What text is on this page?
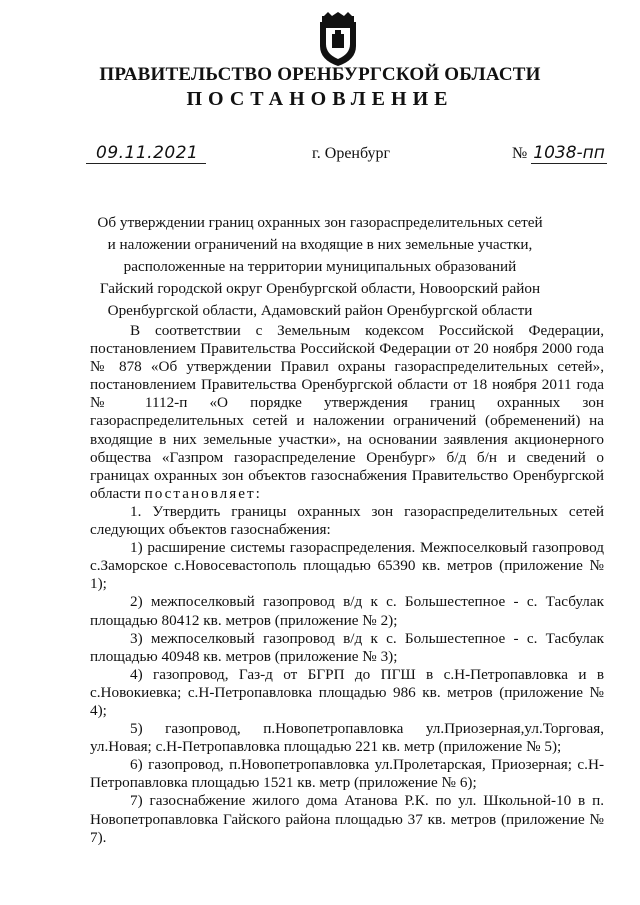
ПРАВИТЕЛЬСТВО ОРЕНБУРГСКОЙ ОБЛАСТИ
ПОСТАНОВЛЕНИЕ
09.11.2021	г. Оренбург	№ 1038-пп
Об утверждении границ охранных зон газораспределительных сетей и наложении ограничений на входящие в них земельные участки, расположенные на территории муниципальных образований Гайский городской округ Оренбургской области, Новоорский район Оренбургской области, Адамовский район Оренбургской области

В соответствии с Земельным кодексом Российской Федерации, постановлением Правительства Российской Федерации от 20 ноября 2000 года № 878 «Об утверждении Правил охраны газораспределительных сетей», постановлением Правительства Оренбургской области от 18 ноября 2011 года № 1112-п «О порядке утверждения границ охранных зон газораспределительных сетей и наложении ограничений (обременений) на входящие в них земельные участки», на основании заявления акционерного общества «Газпром газораспределение Оренбург» б/д б/н и сведений о границах охранных зон объектов газоснабжения Правительство Оренбургской области постановляет:

1. Утвердить границы охранных зон газораспределительных сетей следующих объектов газоснабжения:

1) расширение системы газораспределения. Межпоселковый газопровод с.Заморское с.Новосевастополь площадью 65390 кв. метров (приложение № 1);

2) межпоселковый газопровод в/д к с. Большестепное - с. Тасбулак площадью 80412 кв. метров (приложение № 2);

3) межпоселковый газопровод в/д к с. Большестепное - с. Тасбулак площадью 40948 кв. метров (приложение № 3);

4) газопровод, Газ-д от БГРП до ПГШ в с.Н-Петропавловка и в с.Новокиевка; с.Н-Петропавловка площадью 986 кв. метров (приложение № 4);

5) газопровод, п.Новопетропавловка ул.Приозерная,ул.Торговая, ул.Новая; с.Н-Петропавловка площадью 221 кв. метр (приложение № 5);

6) газопровод, п.Новопетропавловка ул.Пролетарская, Приозерная; с.Н-Петропавловка площадью 1521 кв. метр (приложение № 6);

7) газоснабжение жилого дома Атанова Р.К. по ул. Школьной-10 в п. Новопетропавловка Гайского района площадью 37 кв. метров (приложение № 7).
